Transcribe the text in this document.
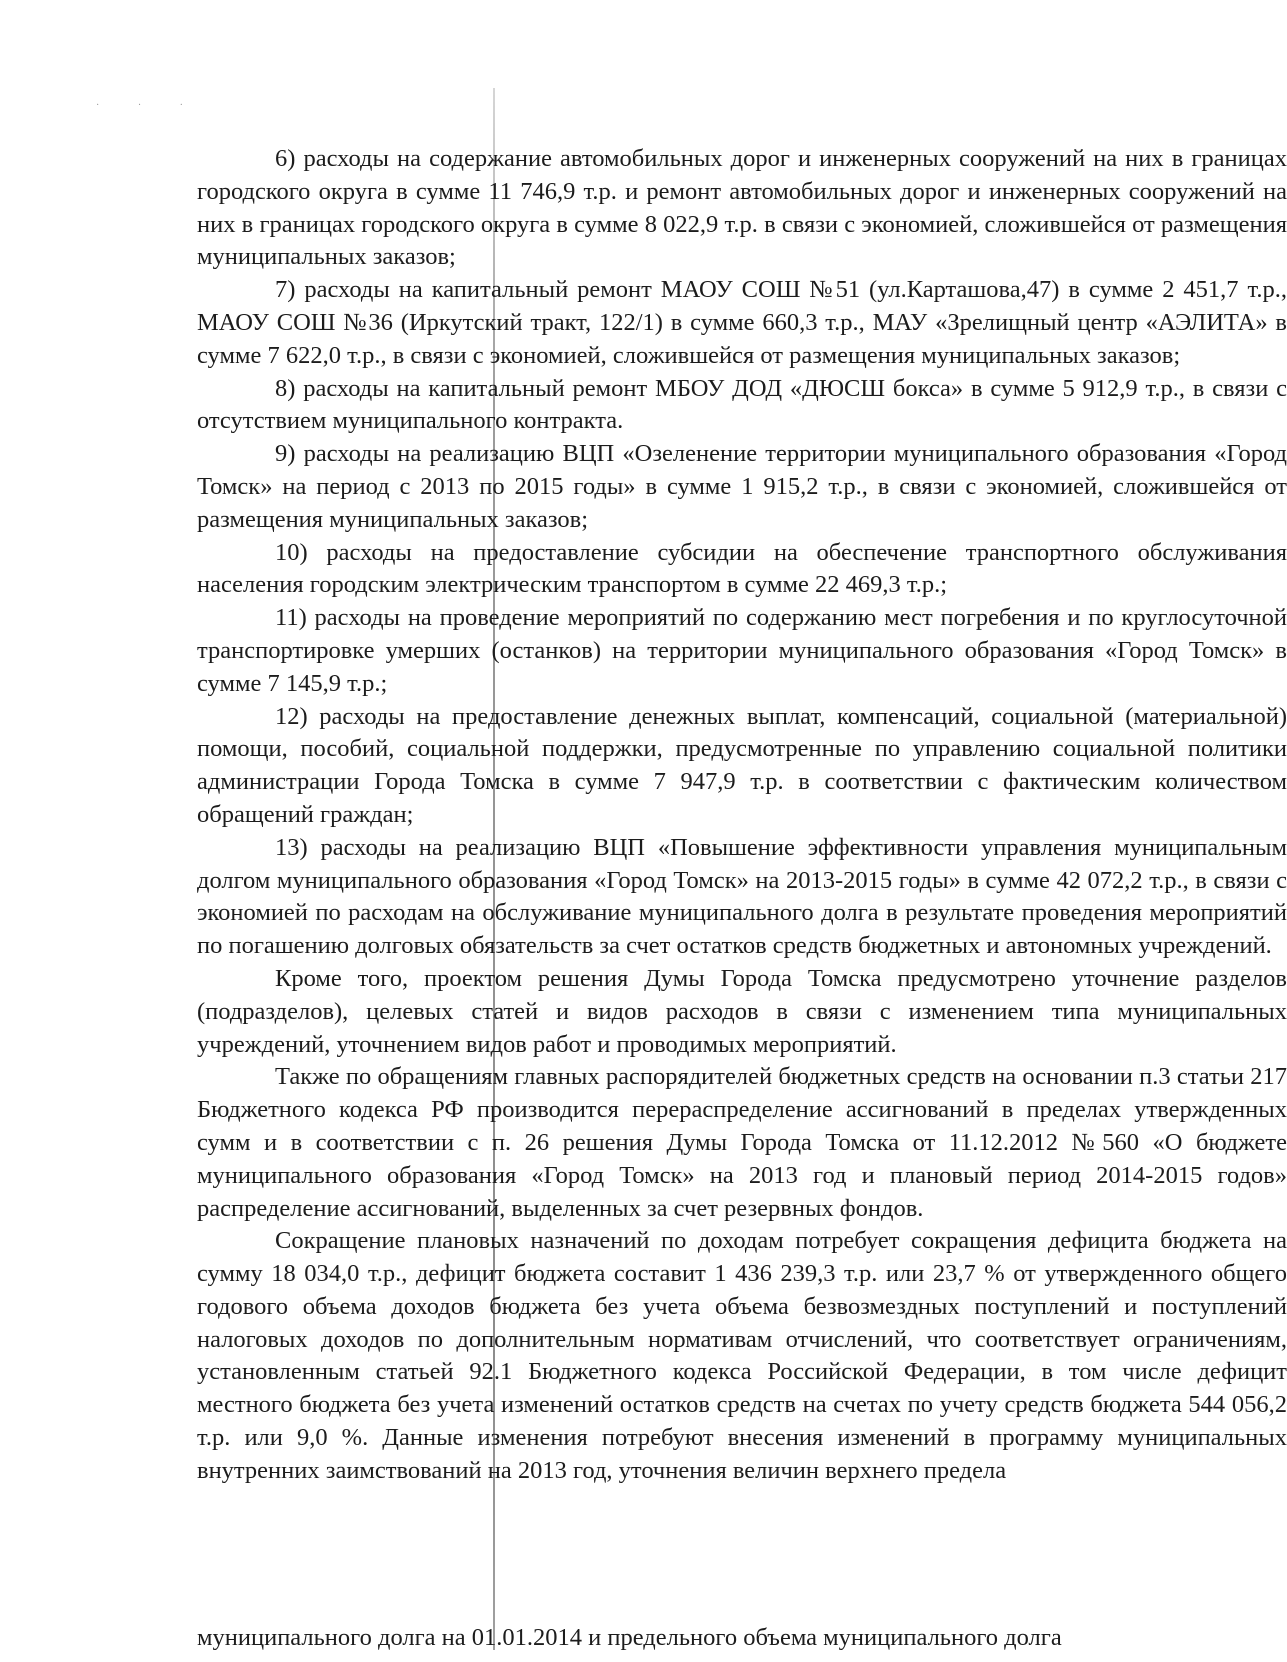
· · ·

6) расходы на содержание автомобильных дорог и инженерных сооружений на них в границах городского округа в сумме 11 746,9 т.р. и ремонт автомобильных дорог и инженерных сооружений на них в границах городского округа в сумме 8 022,9 т.р. в связи с экономией, сложившейся от размещения муниципальных заказов;

7) расходы на капитальный ремонт МАОУ СОШ №51 (ул.Карташова,47) в сумме 2 451,7 т.р., МАОУ СОШ №36 (Иркутский тракт, 122/1) в сумме 660,3 т.р., МАУ «Зрелищный центр «АЭЛИТА» в сумме 7 622,0 т.р., в связи с экономией, сложившейся от размещения муниципальных заказов;

8) расходы на капитальный ремонт МБОУ ДОД «ДЮСШ бокса» в сумме 5 912,9 т.р., в связи с отсутствием муниципального контракта.

9) расходы на реализацию ВЦП «Озеленение территории муниципального образования «Город Томск» на период с 2013 по 2015 годы» в сумме 1 915,2 т.р., в связи с экономией, сложившейся от размещения муниципальных заказов;

10) расходы на предоставление субсидии на обеспечение транспортного обслуживания населения городским электрическим транспортом в сумме 22 469,3 т.р.;

11) расходы на проведение мероприятий по содержанию мест погребения и по круглосуточной транспортировке умерших (останков) на территории муниципального образования «Город Томск» в сумме 7 145,9 т.р.;

12) расходы на предоставление денежных выплат, компенсаций, социальной (материальной) помощи, пособий, социальной поддержки, предусмотренные по управлению социальной политики администрации Города Томска в сумме 7 947,9 т.р. в соответствии с фактическим количеством обращений граждан;

13) расходы на реализацию ВЦП «Повышение эффективности управления муниципальным долгом муниципального образования «Город Томск» на 2013-2015 годы» в сумме 42 072,2 т.р., в связи с экономией по расходам на обслуживание муниципального долга в результате проведения мероприятий по погашению долговых обязательств за счет остатков средств бюджетных и автономных учреждений.

Кроме того, проектом решения Думы Города Томска предусмотрено уточнение разделов (подразделов), целевых статей и видов расходов в связи с изменением типа муниципальных учреждений, уточнением видов работ и проводимых мероприятий.

Также по обращениям главных распорядителей бюджетных средств на основании п.3 статьи 217 Бюджетного кодекса РФ производится перераспределение ассигнований в пределах утвержденных сумм и в соответствии с п. 26 решения Думы Города Томска от 11.12.2012 №560 «О бюджете муниципального образования «Город Томск» на 2013 год и плановый период 2014-2015 годов» распределение ассигнований, выделенных за счет резервных фондов.

Сокращение плановых назначений по доходам потребует сокращения дефицита бюджета на сумму 18 034,0 т.р., дефицит бюджета составит 1 436 239,3 т.р. или 23,7 % от утвержденного общего годового объема доходов бюджета без учета объема безвозмездных поступлений и поступлений налоговых доходов по дополнительным нормативам отчислений, что соответствует ограничениям, установленным статьей 92.1 Бюджетного кодекса Российской Федерации, в том числе дефицит местного бюджета без учета изменений остатков средств на счетах по учету средств бюджета 544 056,2 т.р. или 9,0 %. Данные изменения потребуют внесения изменений в программу муниципальных внутренних заимствований на 2013 год, уточнения величин верхнего предела

муниципального долга на 01.01.2014 и предельного объема муниципального долга
